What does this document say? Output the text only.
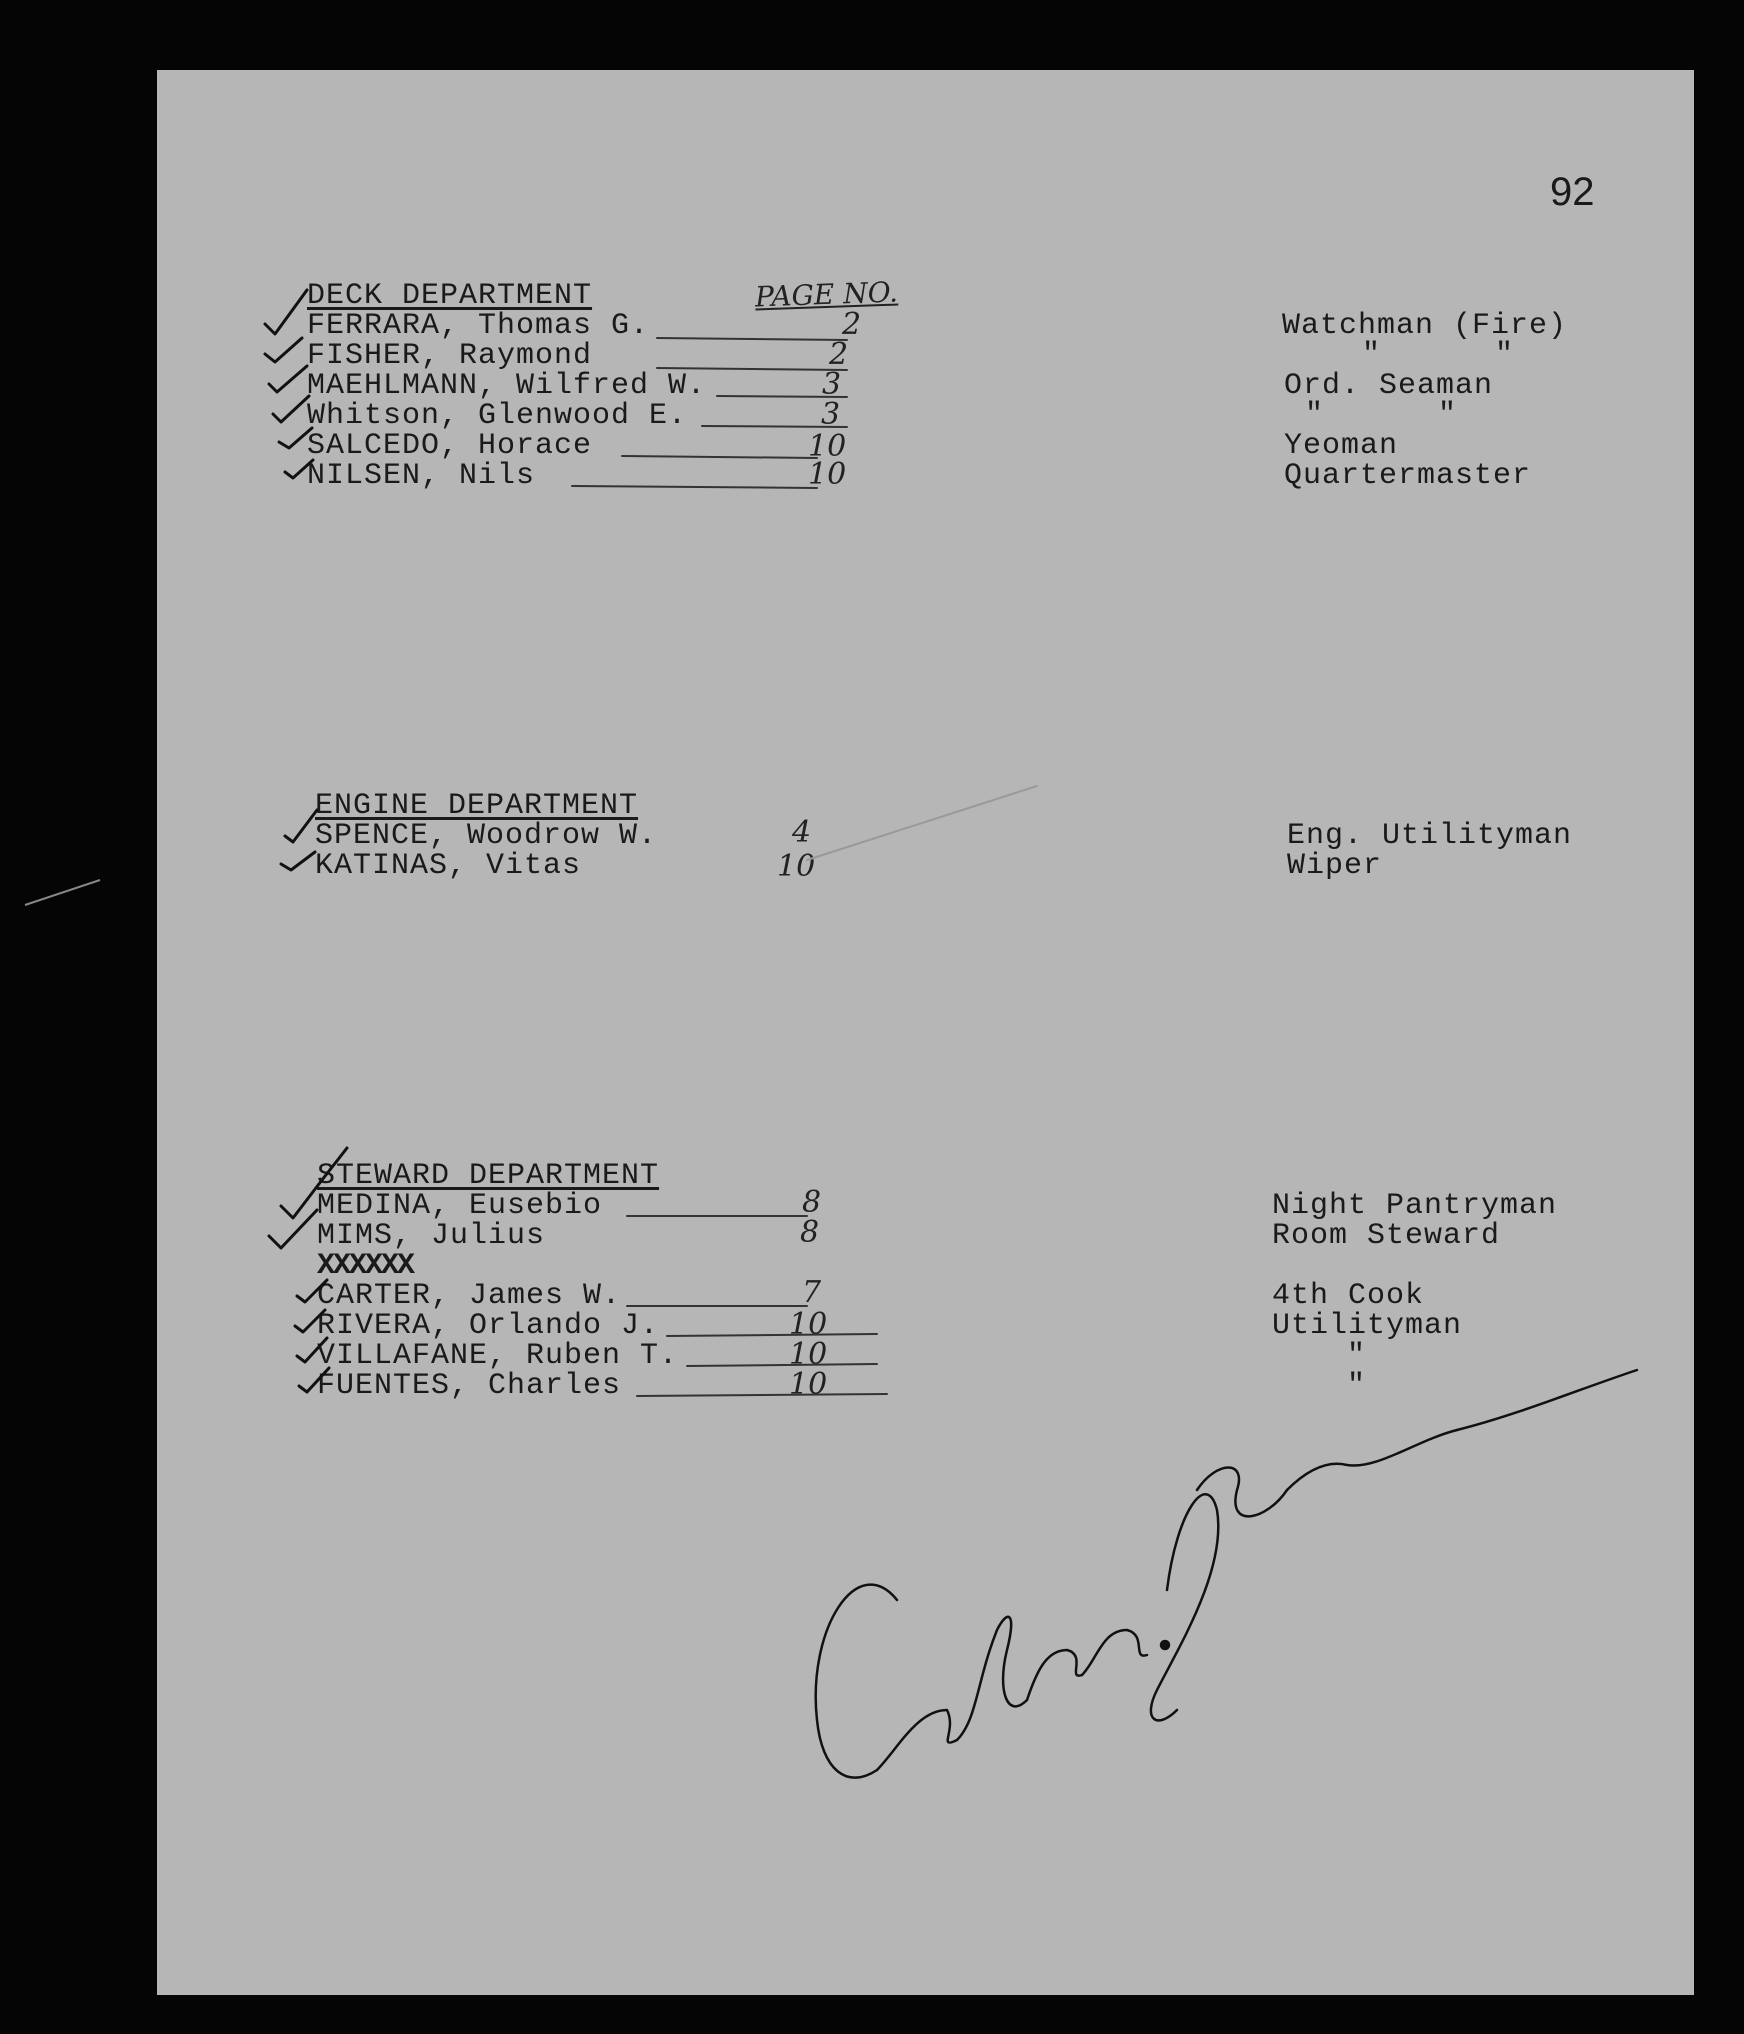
92
PAGE NO.
DECK DEPARTMENT
FERRARA, Thomas G.	2	Watchman (Fire)
FISHER, Raymond	2	"      "
MAEHLMANN, Wilfred W.	3	Ord. Seaman
Whitson, Glenwood E.	3	"      "
SALCEDO, Horace	10	Yeoman
NILSEN, Nils	10	Quartermaster
ENGINE DEPARTMENT
SPENCE, Woodrow W.	4	Eng. Utilityman
KATINAS, Vitas	10	Wiper
STEWARD DEPARTMENT
MEDINA, Eusebio	8	Night Pantryman
MIMS, Julius	8	Room Steward
XXXXXX
CARTER, James W.	7	4th Cook
RIVERA, Orlando J.	10	Utilityman
VILLAFANE, Ruben T.	10	"
FUENTES, Charles	10	"
